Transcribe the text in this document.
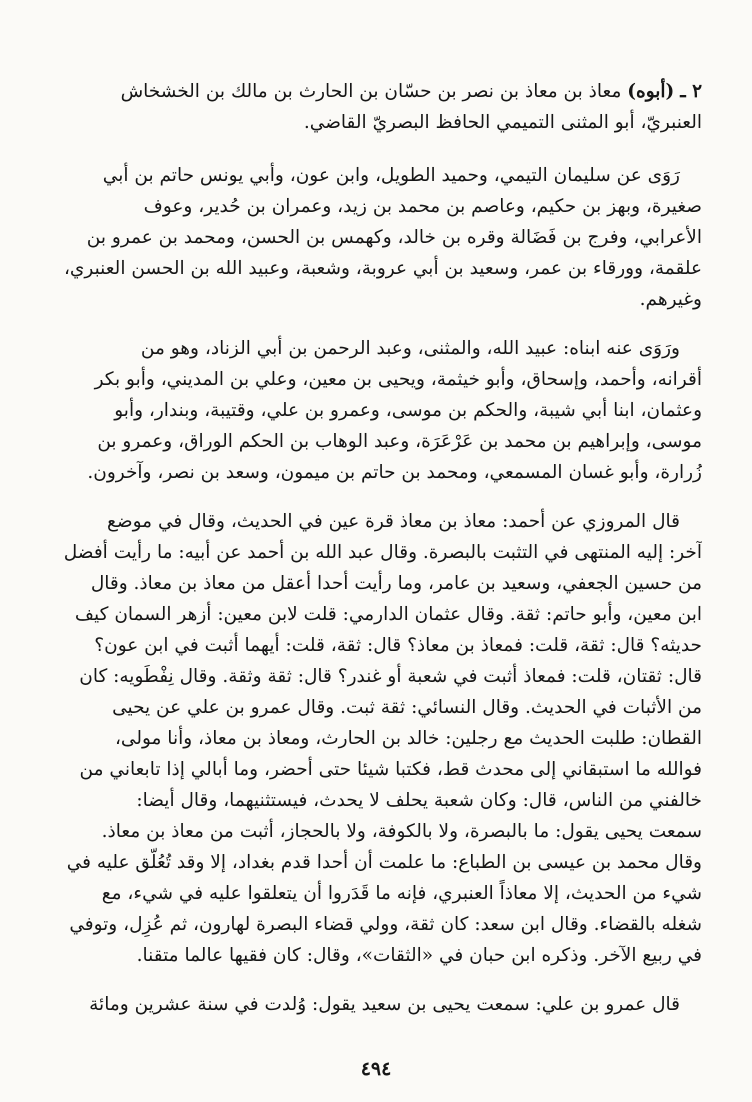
٢ ـ (أبوه) معاذ بن معاذ بن نصر بن حسّان بن الحارث بن مالك بن الخشخاش
العنبريّ، أبو المثنى التميمي الحافظ البصريّ القاضي.
رَوَى عن سليمان التيمي، وحميد الطويل، وابن عون، وأبي يونس حاتم بن أبي
صغيرة، وبهز بن حكيم، وعاصم بن محمد بن زيد، وعمران بن حُدير، وعوف
الأعرابي، وفرج بن فَضَالة وقره بن خالد، وكهمس بن الحسن، ومحمد بن عمرو بن
علقمة، وورقاء بن عمر، وسعيد بن أبي عروبة، وشعبة، وعبيد الله بن الحسن العنبري،
وغيرهم.
ورَوَى عنه ابناه: عبيد الله، والمثنى، وعبد الرحمن بن أبي الزناد، وهو من
أقرانه، وأحمد، وإسحاق، وأبو خيثمة، ويحيى بن معين، وعلي بن المديني، وأبو بكر
وعثمان، ابنا أبي شيبة، والحكم بن موسى، وعمرو بن علي، وقتيبة، وبندار، وأبو
موسى، وإبراهيم بن محمد بن عَرْعَرَة، وعبد الوهاب بن الحكم الوراق، وعمرو بن
زُرارة، وأبو غسان المسمعي، ومحمد بن حاتم بن ميمون، وسعد بن نصر، وآخرون.
قال المروزي عن أحمد: معاذ بن معاذ قرة عين في الحديث، وقال في موضع
آخر: إليه المنتهى في التثبت بالبصرة. وقال عبد الله بن أحمد عن أبيه: ما رأيت أفضل
من حسين الجعفي، وسعيد بن عامر، وما رأيت أحدا أعقل من معاذ بن معاذ. وقال
ابن معين، وأبو حاتم: ثقة. وقال عثمان الدارمي: قلت لابن معين: أزهر السمان كيف
حديثه؟ قال: ثقة، قلت: فمعاذ بن معاذ؟ قال: ثقة، قلت: أيهما أثبت في ابن عون؟
قال: ثقتان، قلت: فمعاذ أثبت في شعبة أو غندر؟ قال: ثقة وثقة. وقال نِفْطَويه: كان
من الأثبات في الحديث. وقال النسائي: ثقة ثبت. وقال عمرو بن علي عن يحيى
القطان: طلبت الحديث مع رجلين: خالد بن الحارث، ومعاذ بن معاذ، وأنا مولى،
فوالله ما استبقاني إلى محدث قط، فكتبا شيئا حتى أحضر، وما أبالي إذا تابعاني من
خالفني من الناس، قال: وكان شعبة يحلف لا يحدث، فيستثنيهما، وقال أيضا:
سمعت يحيى يقول: ما بالبصرة، ولا بالكوفة، ولا بالحجاز، أثبت من معاذ بن معاذ.
وقال محمد بن عيسى بن الطباع: ما علمت أن أحدا قدم بغداد، إلا وقد تُعُلّق عليه في
شيء من الحديث، إلا معاذاً العنبري، فإنه ما قَدَروا أن يتعلقوا عليه في شيء، مع
شغله بالقضاء. وقال ابن سعد: كان ثقة، وولي قضاء البصرة لهارون، ثم عُزِل، وتوفي
في ربيع الآخر. وذكره ابن حبان في «الثقات»، وقال: كان فقيها عالما متقنا.
قال عمرو بن علي: سمعت يحيى بن سعيد يقول: وُلدت في سنة عشرين ومائة
٤٩٤
